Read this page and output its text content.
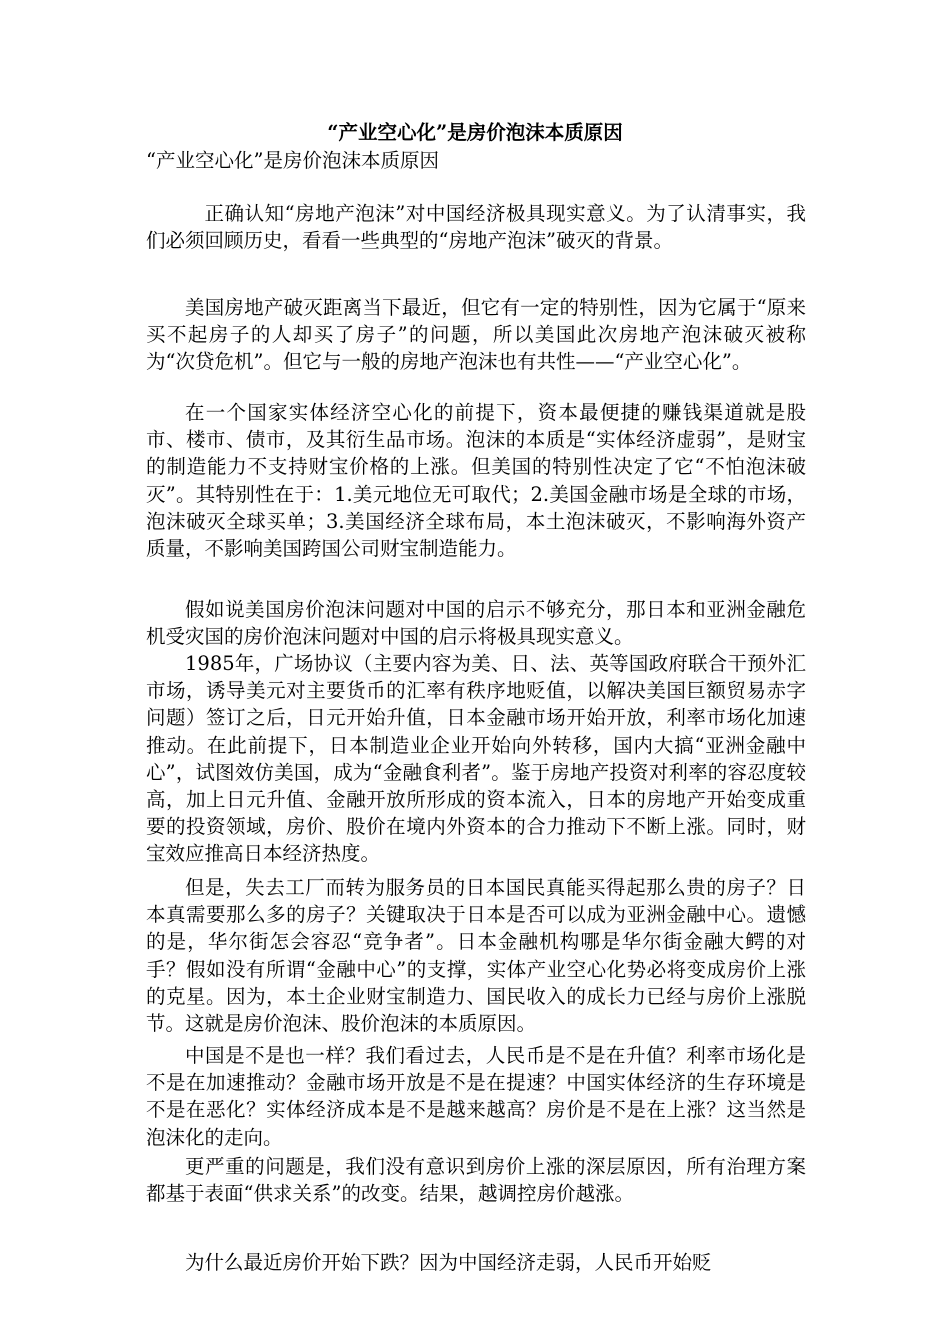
“产业空心化”是房价泡沫本质原因

“产业空心化”是房价泡沫本质原因

正确认知“房地产泡沫”对中国经济极具现实意义。为了认清事实，我们必须回顾历史，看看一些典型的“房地产泡沫”破灭的背景。

美国房地产破灭距离当下最近，但它有一定的特别性，因为它属于“原来买不起房子的人却买了房子”的问题，所以美国此次房地产泡沫破灭被称为“次贷危机”。但它与一般的房地产泡沫也有共性——“产业空心化”。

在一个国家实体经济空心化的前提下，资本最便捷的赚钱渠道就是股市、楼市、债市，及其衍生品市场。泡沫的本质是“实体经济虚弱”，是财宝的制造能力不支持财宝价格的上涨。但美国的特别性决定了它“不怕泡沫破灭”。其特别性在于：1.美元地位无可取代；2.美国金融市场是全球的市场，泡沫破灭全球买单；3.美国经济全球布局，本土泡沫破灭，不影响海外资产质量，不影响美国跨国公司财宝制造能力。

假如说美国房价泡沫问题对中国的启示不够充分，那日本和亚洲金融危机受灾国的房价泡沫问题对中国的启示将极具现实意义。

1985年，广场协议（主要内容为美、日、法、英等国政府联合干预外汇市场，诱导美元对主要货币的汇率有秩序地贬值，以解决美国巨额贸易赤字问题）签订之后，日元开始升值，日本金融市场开始开放，利率市场化加速推动。在此前提下，日本制造业企业开始向外转移，国内大搞“亚洲金融中心”，试图效仿美国，成为“金融食利者”。鉴于房地产投资对利率的容忍度较高，加上日元升值、金融开放所形成的资本流入，日本的房地产开始变成重要的投资领域，房价、股价在境内外资本的合力推动下不断上涨。同时，财宝效应推高日本经济热度。

但是，失去工厂而转为服务员的日本国民真能买得起那么贵的房子？日本真需要那么多的房子？关键取决于日本是否可以成为亚洲金融中心。遗憾的是，华尔街怎会容忍“竞争者”。日本金融机构哪是华尔街金融大鳄的对手？假如没有所谓“金融中心”的支撑，实体产业空心化势必将变成房价上涨的克星。因为，本土企业财宝制造力、国民收入的成长力已经与房价上涨脱节。这就是房价泡沫、股价泡沫的本质原因。

中国是不是也一样？我们看过去，人民币是不是在升值？利率市场化是不是在加速推动？金融市场开放是不是在提速？中国实体经济的生存环境是不是在恶化？实体经济成本是不是越来越高？房价是不是在上涨？这当然是泡沫化的走向。

更严重的问题是，我们没有意识到房价上涨的深层原因，所有治理方案都基于表面“供求关系”的改变。结果，越调控房价越涨。

为什么最近房价开始下跌？因为中国经济走弱，人民币开始贬
